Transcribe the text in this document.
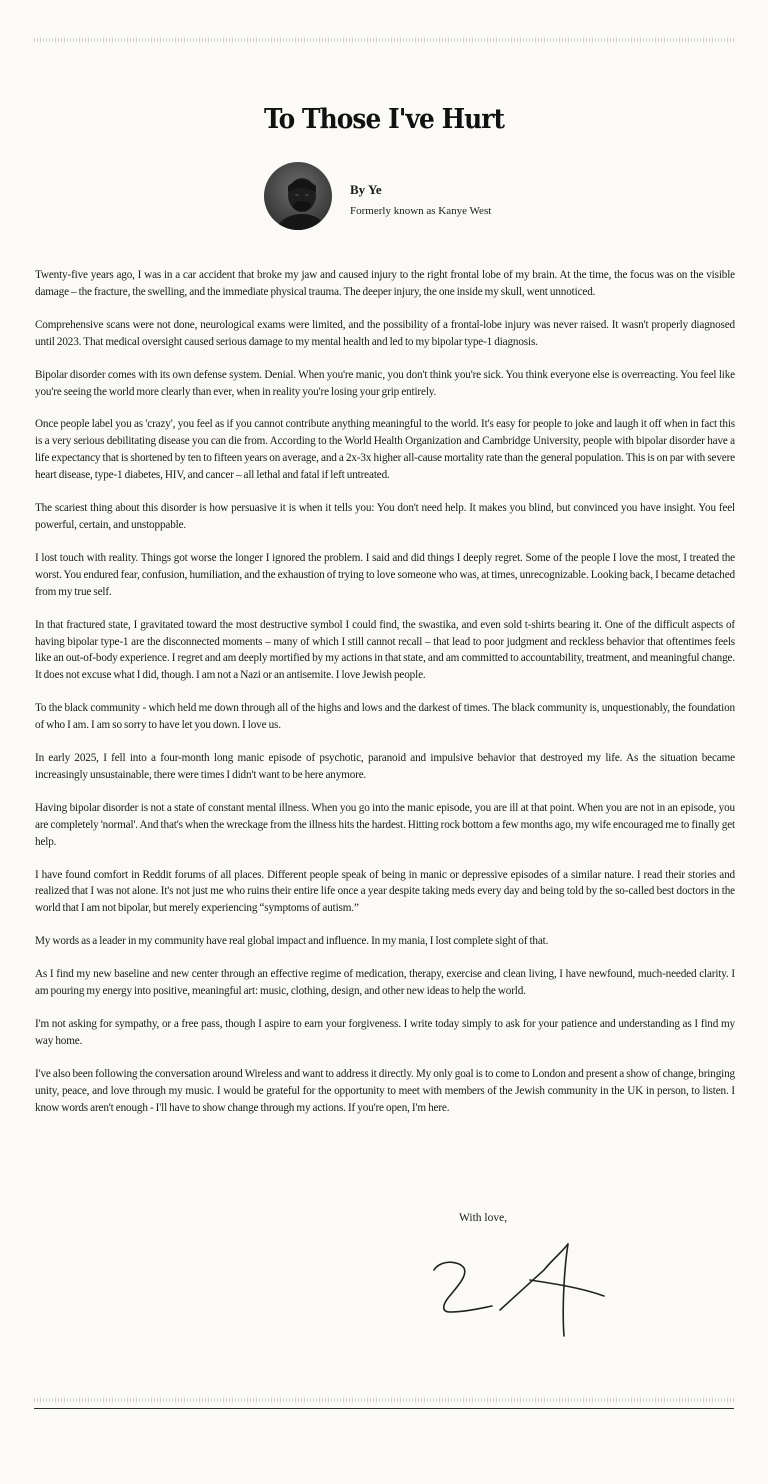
To Those I've Hurt

By Ye

Formerly known as Kanye West

Twenty-five years ago, I was in a car accident that broke my jaw and caused injury to the right frontal lobe of my brain. At the time, the focus was on the visible damage – the fracture, the swelling, and the immediate physical trauma. The deeper injury, the one inside my skull, went unnoticed.

Comprehensive scans were not done, neurological exams were limited, and the possibility of a frontal-lobe injury was never raised. It wasn't properly diagnosed until 2023. That medical oversight caused serious damage to my mental health and led to my bipolar type-1 diagnosis.

Bipolar disorder comes with its own defense system. Denial. When you're manic, you don't think you're sick. You think everyone else is overreacting. You feel like you're seeing the world more clearly than ever, when in reality you're losing your grip entirely.

Once people label you as 'crazy', you feel as if you cannot contribute anything meaningful to the world. It's easy for people to joke and laugh it off when in fact this is a very serious debilitating disease you can die from. According to the World Health Organization and Cambridge University, people with bipolar disorder have a life expectancy that is shortened by ten to fifteen years on average, and a 2x-3x higher all-cause mortality rate than the general population. This is on par with severe heart disease, type-1 diabetes, HIV, and cancer – all lethal and fatal if left untreated.

The scariest thing about this disorder is how persuasive it is when it tells you: You don't need help. It makes you blind, but convinced you have insight. You feel powerful, certain, and unstoppable.

I lost touch with reality. Things got worse the longer I ignored the problem. I said and did things I deeply regret. Some of the people I love the most, I treated the worst. You endured fear, confusion, humiliation, and the exhaustion of trying to love someone who was, at times, unrecognizable. Looking back, I became detached from my true self.

In that fractured state, I gravitated toward the most destructive symbol I could find, the swastika, and even sold t-shirts bearing it. One of the difficult aspects of having bipolar type-1 are the disconnected moments – many of which I still cannot recall – that lead to poor judgment and reckless behavior that oftentimes feels like an out-of-body experience. I regret and am deeply mortified by my actions in that state, and am committed to accountability, treatment, and meaningful change. It does not excuse what I did, though. I am not a Nazi or an antisemite. I love Jewish people.

To the black community - which held me down through all of the highs and lows and the darkest of times. The black community is, unquestionably, the foundation of who I am. I am so sorry to have let you down. I love us.

In early 2025, I fell into a four-month long manic episode of psychotic, paranoid and impulsive behavior that destroyed my life. As the situation became increasingly unsustainable, there were times I didn't want to be here anymore.

Having bipolar disorder is not a state of constant mental illness. When you go into the manic episode, you are ill at that point. When you are not in an episode, you are completely 'normal'. And that's when the wreckage from the illness hits the hardest. Hitting rock bottom a few months ago, my wife encouraged me to finally get help.

I have found comfort in Reddit forums of all places. Different people speak of being in manic or depressive episodes of a similar nature. I read their stories and realized that I was not alone. It's not just me who ruins their entire life once a year despite taking meds every day and being told by the so-called best doctors in the world that I am not bipolar, but merely experiencing “symptoms of autism.”

My words as a leader in my community have real global impact and influence. In my mania, I lost complete sight of that.

As I find my new baseline and new center through an effective regime of medication, therapy, exercise and clean living, I have newfound, much-needed clarity. I am pouring my energy into positive, meaningful art: music, clothing, design, and other new ideas to help the world.

I'm not asking for sympathy, or a free pass, though I aspire to earn your forgiveness. I write today simply to ask for your patience and understanding as I find my way home.

I've also been following the conversation around Wireless and want to address it directly. My only goal is to come to London and present a show of change, bringing unity, peace, and love through my music. I would be grateful for the opportunity to meet with members of the Jewish community in the UK in person, to listen. I know words aren't enough - I'll have to show change through my actions. If you're open, I'm here.

With love,
